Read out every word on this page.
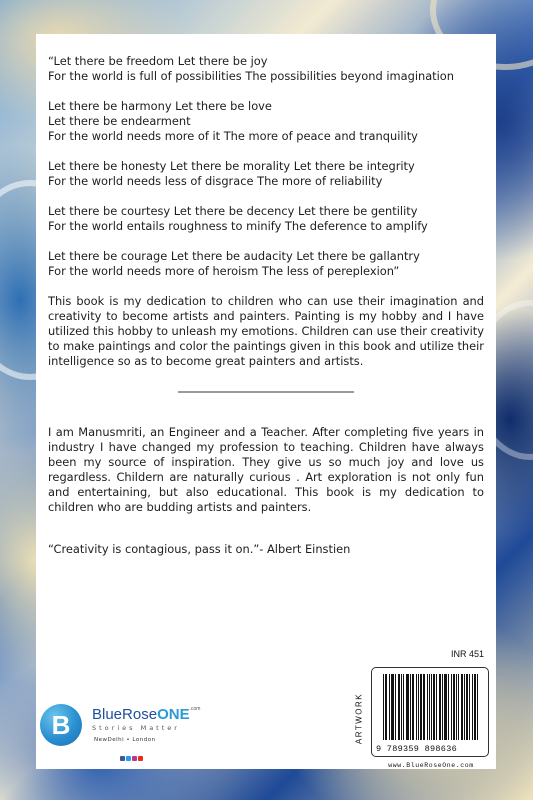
“Let there be freedom Let there be joy
For the world is full of possibilities The possibilities beyond imagination
Let there be harmony Let there be love
Let there be endearment
For the world needs more of it The more of peace and tranquility
Let there be honesty Let there be morality Let there be integrity
For the world needs less of disgrace The more of reliability
Let there be courtesy Let there be decency Let there be gentility
For the world entails roughness to minify The deference to amplify
Let there be courage Let there be audacity Let there be gallantry
For the world needs more of heroism The less of pereplexion”

This book is my dedication to children who can use their imagination and creativity to become artists and painters. Painting is my hobby and I have utilized this hobby to unleash my emotions. Children can use their creativity to make paintings and color the paintings given in this book and utilize their intelligence so as to become great painters and artists.

I am Manusmriti, an Engineer and a Teacher. After completing five years in industry I have changed my profession to teaching. Children have always been my source of inspiration. They give us so much joy and love us regardless. Childern are naturally curious . Art exploration is not only fun and entertaining, but also educational. This book is my dedication to children who are budding artists and painters.

“Creativity is contagious, pass it on.”- Albert Einstien

B	BlueRoseONE$^{.com}$
Stories Matter
NewDelhi • London
INR 451
ARTWORK
9 789359 898636
www.BlueRoseOne.com
